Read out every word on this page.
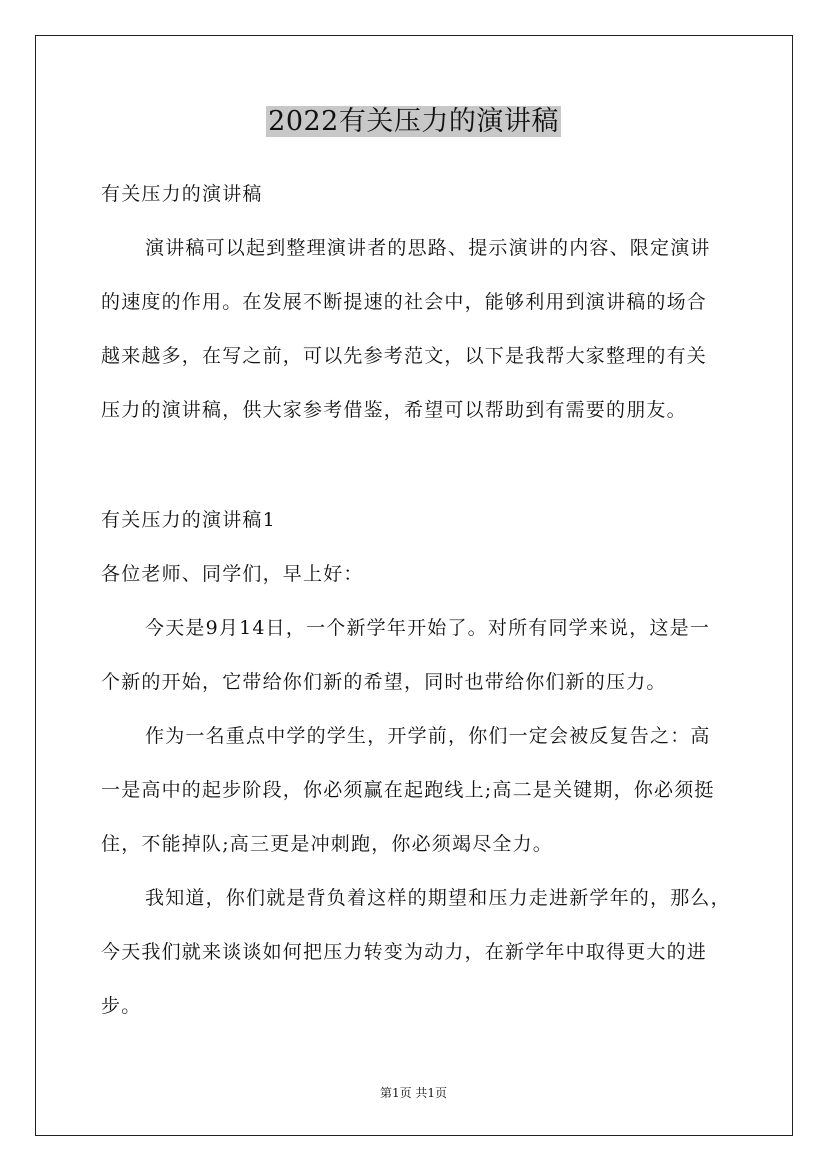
2022有关压力的演讲稿
有关压力的演讲稿
演讲稿可以起到整理演讲者的思路、提示演讲的内容、限定演讲
的速度的作用。在发展不断提速的社会中，能够利用到演讲稿的场合
越来越多，在写之前，可以先参考范文，以下是我帮大家整理的有关
压力的演讲稿，供大家参考借鉴，希望可以帮助到有需要的朋友。
有关压力的演讲稿1
各位老师、同学们，早上好：
今天是9月14日，一个新学年开始了。对所有同学来说，这是一
个新的开始，它带给你们新的希望，同时也带给你们新的压力。
作为一名重点中学的学生，开学前，你们一定会被反复告之：高
一是高中的起步阶段，你必须赢在起跑线上;高二是关键期，你必须挺
住，不能掉队;高三更是冲刺跑，你必须竭尽全力。
我知道，你们就是背负着这样的期望和压力走进新学年的，那么，
今天我们就来谈谈如何把压力转变为动力，在新学年中取得更大的进
步。
第1页 共1页
